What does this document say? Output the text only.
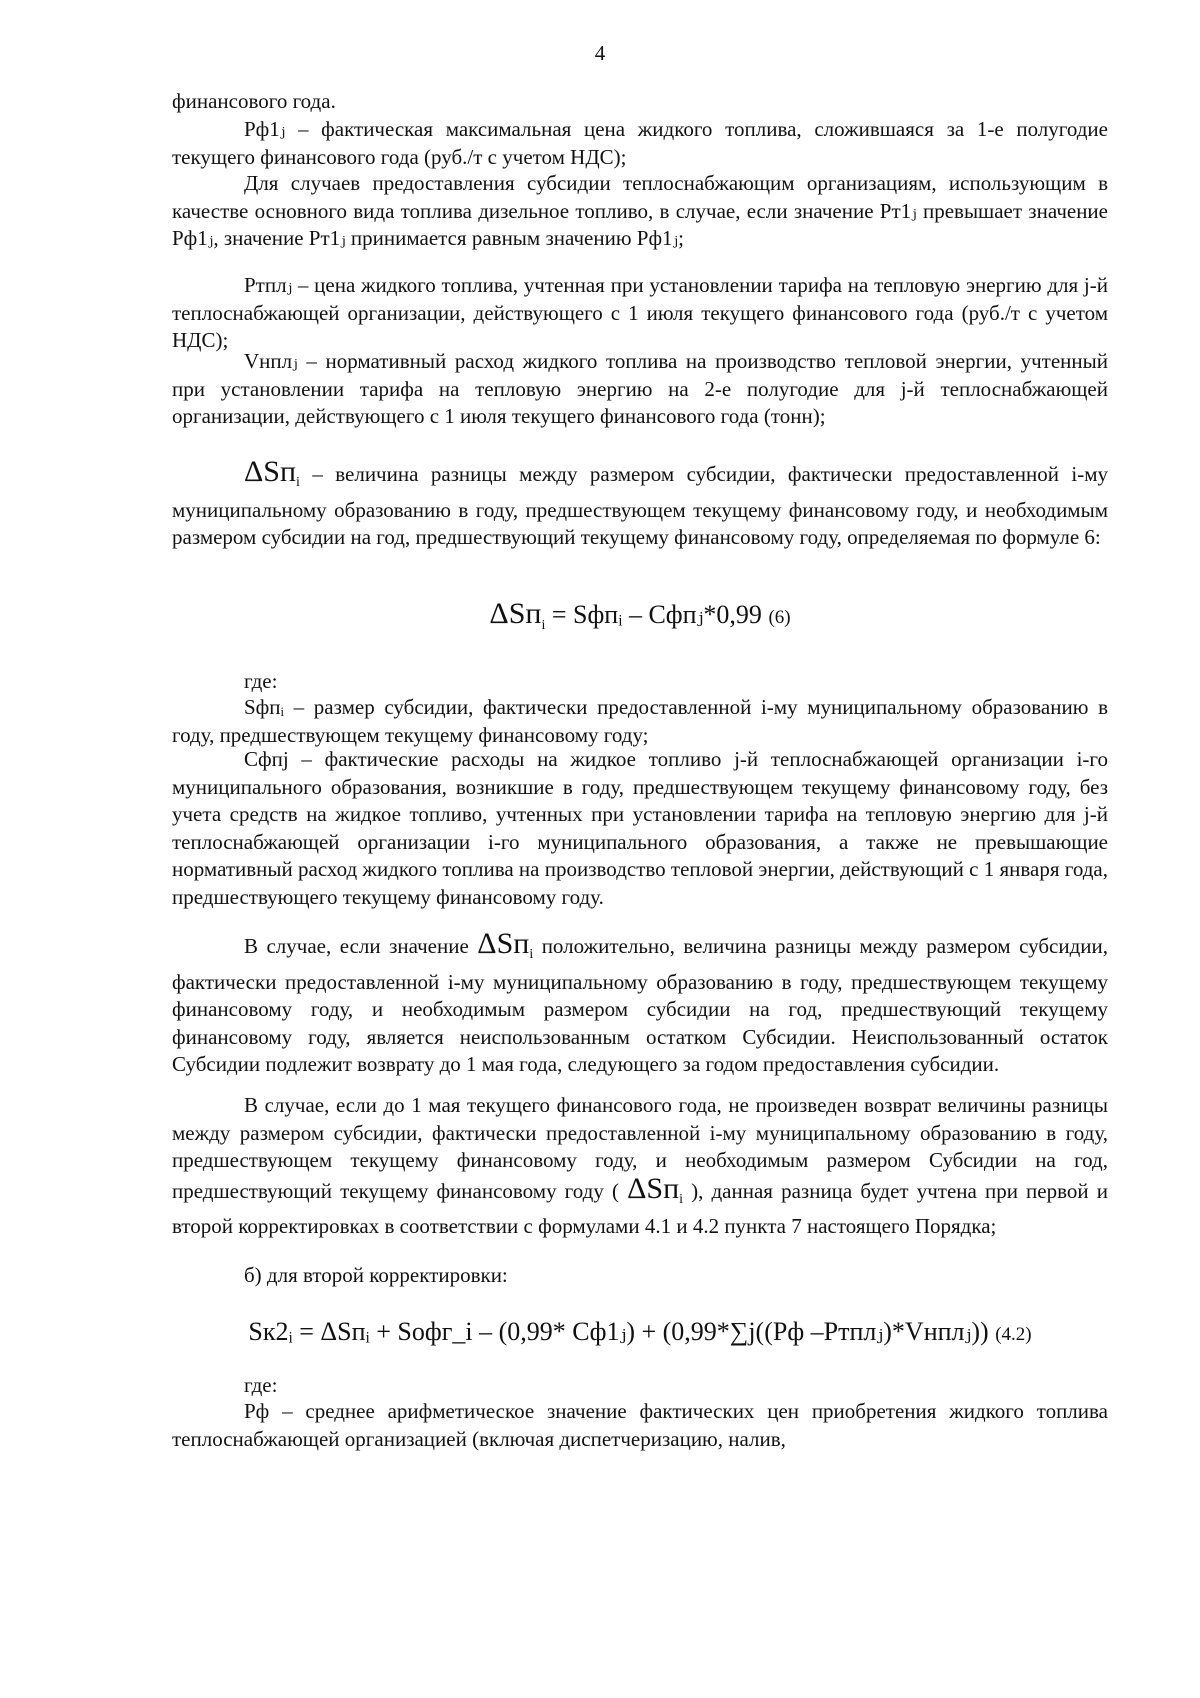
4

финансового года.

Рф1ⱼ – фактическая максимальная цена жидкого топлива, сложившаяся за 1-е полугодие текущего финансового года (руб./т с учетом НДС);

Для случаев предоставления субсидии теплоснабжающим организациям, использующим в качестве основного вида топлива дизельное топливо, в случае, если значение Рт1ⱼ превышает значение Рф1ⱼ, значение Рт1ⱼ принимается равным значению Рф1ⱼ;

Ртплⱼ – цена жидкого топлива, учтенная при установлении тарифа на тепловую энергию для j-й теплоснабжающей организации, действующего с 1 июля текущего финансового года (руб./т с учетом НДС);

Vнплⱼ – нормативный расход жидкого топлива на производство тепловой энергии, учтенный при установлении тарифа на тепловую энергию на 2-е полугодие для j-й теплоснабжающей организации, действующего с 1 июля текущего финансового года (тонн);

ΔSп$_i$ – величина разницы между размером субсидии, фактически предоставленной i-му муниципальному образованию в году, предшествующем текущему финансовому году, и необходимым размером субсидии на год, предшествующий текущему финансовому году, определяемая по формуле 6:

ΔSп$_i$ = Sфпᵢ – Сфпⱼ*0,99 (6)

где:

Sфпᵢ – размер субсидии, фактически предоставленной i-му муниципальному образованию в году, предшествующем текущему финансовому году;

Сфпj – фактические расходы на жидкое топливо j-й теплоснабжающей организации i-го муниципального образования, возникшие в году, предшествующем текущему финансовому году, без учета средств на жидкое топливо, учтенных при установлении тарифа на тепловую энергию для j-й теплоснабжающей организации i-го муниципального образования, а также не превышающие нормативный расход жидкого топлива на производство тепловой энергии, действующий с 1 января года, предшествующего текущему финансовому году.

В случае, если значение ΔSп$_i$ положительно, величина разницы между размером субсидии, фактически предоставленной i-му муниципальному образованию в году, предшествующем текущему финансовому году, и необходимым размером субсидии на год, предшествующий текущему финансовому году, является неиспользованным остатком Субсидии. Неиспользованный остаток Субсидии подлежит возврату до 1 мая года, следующего за годом предоставления субсидии.

В случае, если до 1 мая текущего финансового года, не произведен возврат величины разницы между размером субсидии, фактически предоставленной i-му муниципальному образованию в году, предшествующем текущему финансовому году, и необходимым размером Субсидии на год, предшествующий текущему финансовому году ( ΔSп$_i$ ), данная разница будет учтена при первой и второй корректировках в соответствии с формулами 4.1 и 4.2 пункта 7 настоящего Порядка;

б) для второй корректировки:

Sк2ᵢ = ΔSпᵢ + Sофг_i – (0,99* Сф1ⱼ) + (0,99*∑j((Рф –Ртплⱼ)*Vнплⱼ)) (4.2)

где:

Рф – среднее арифметическое значение фактических цен приобретения жидкого топлива теплоснабжающей организацией (включая диспетчеризацию, налив,
